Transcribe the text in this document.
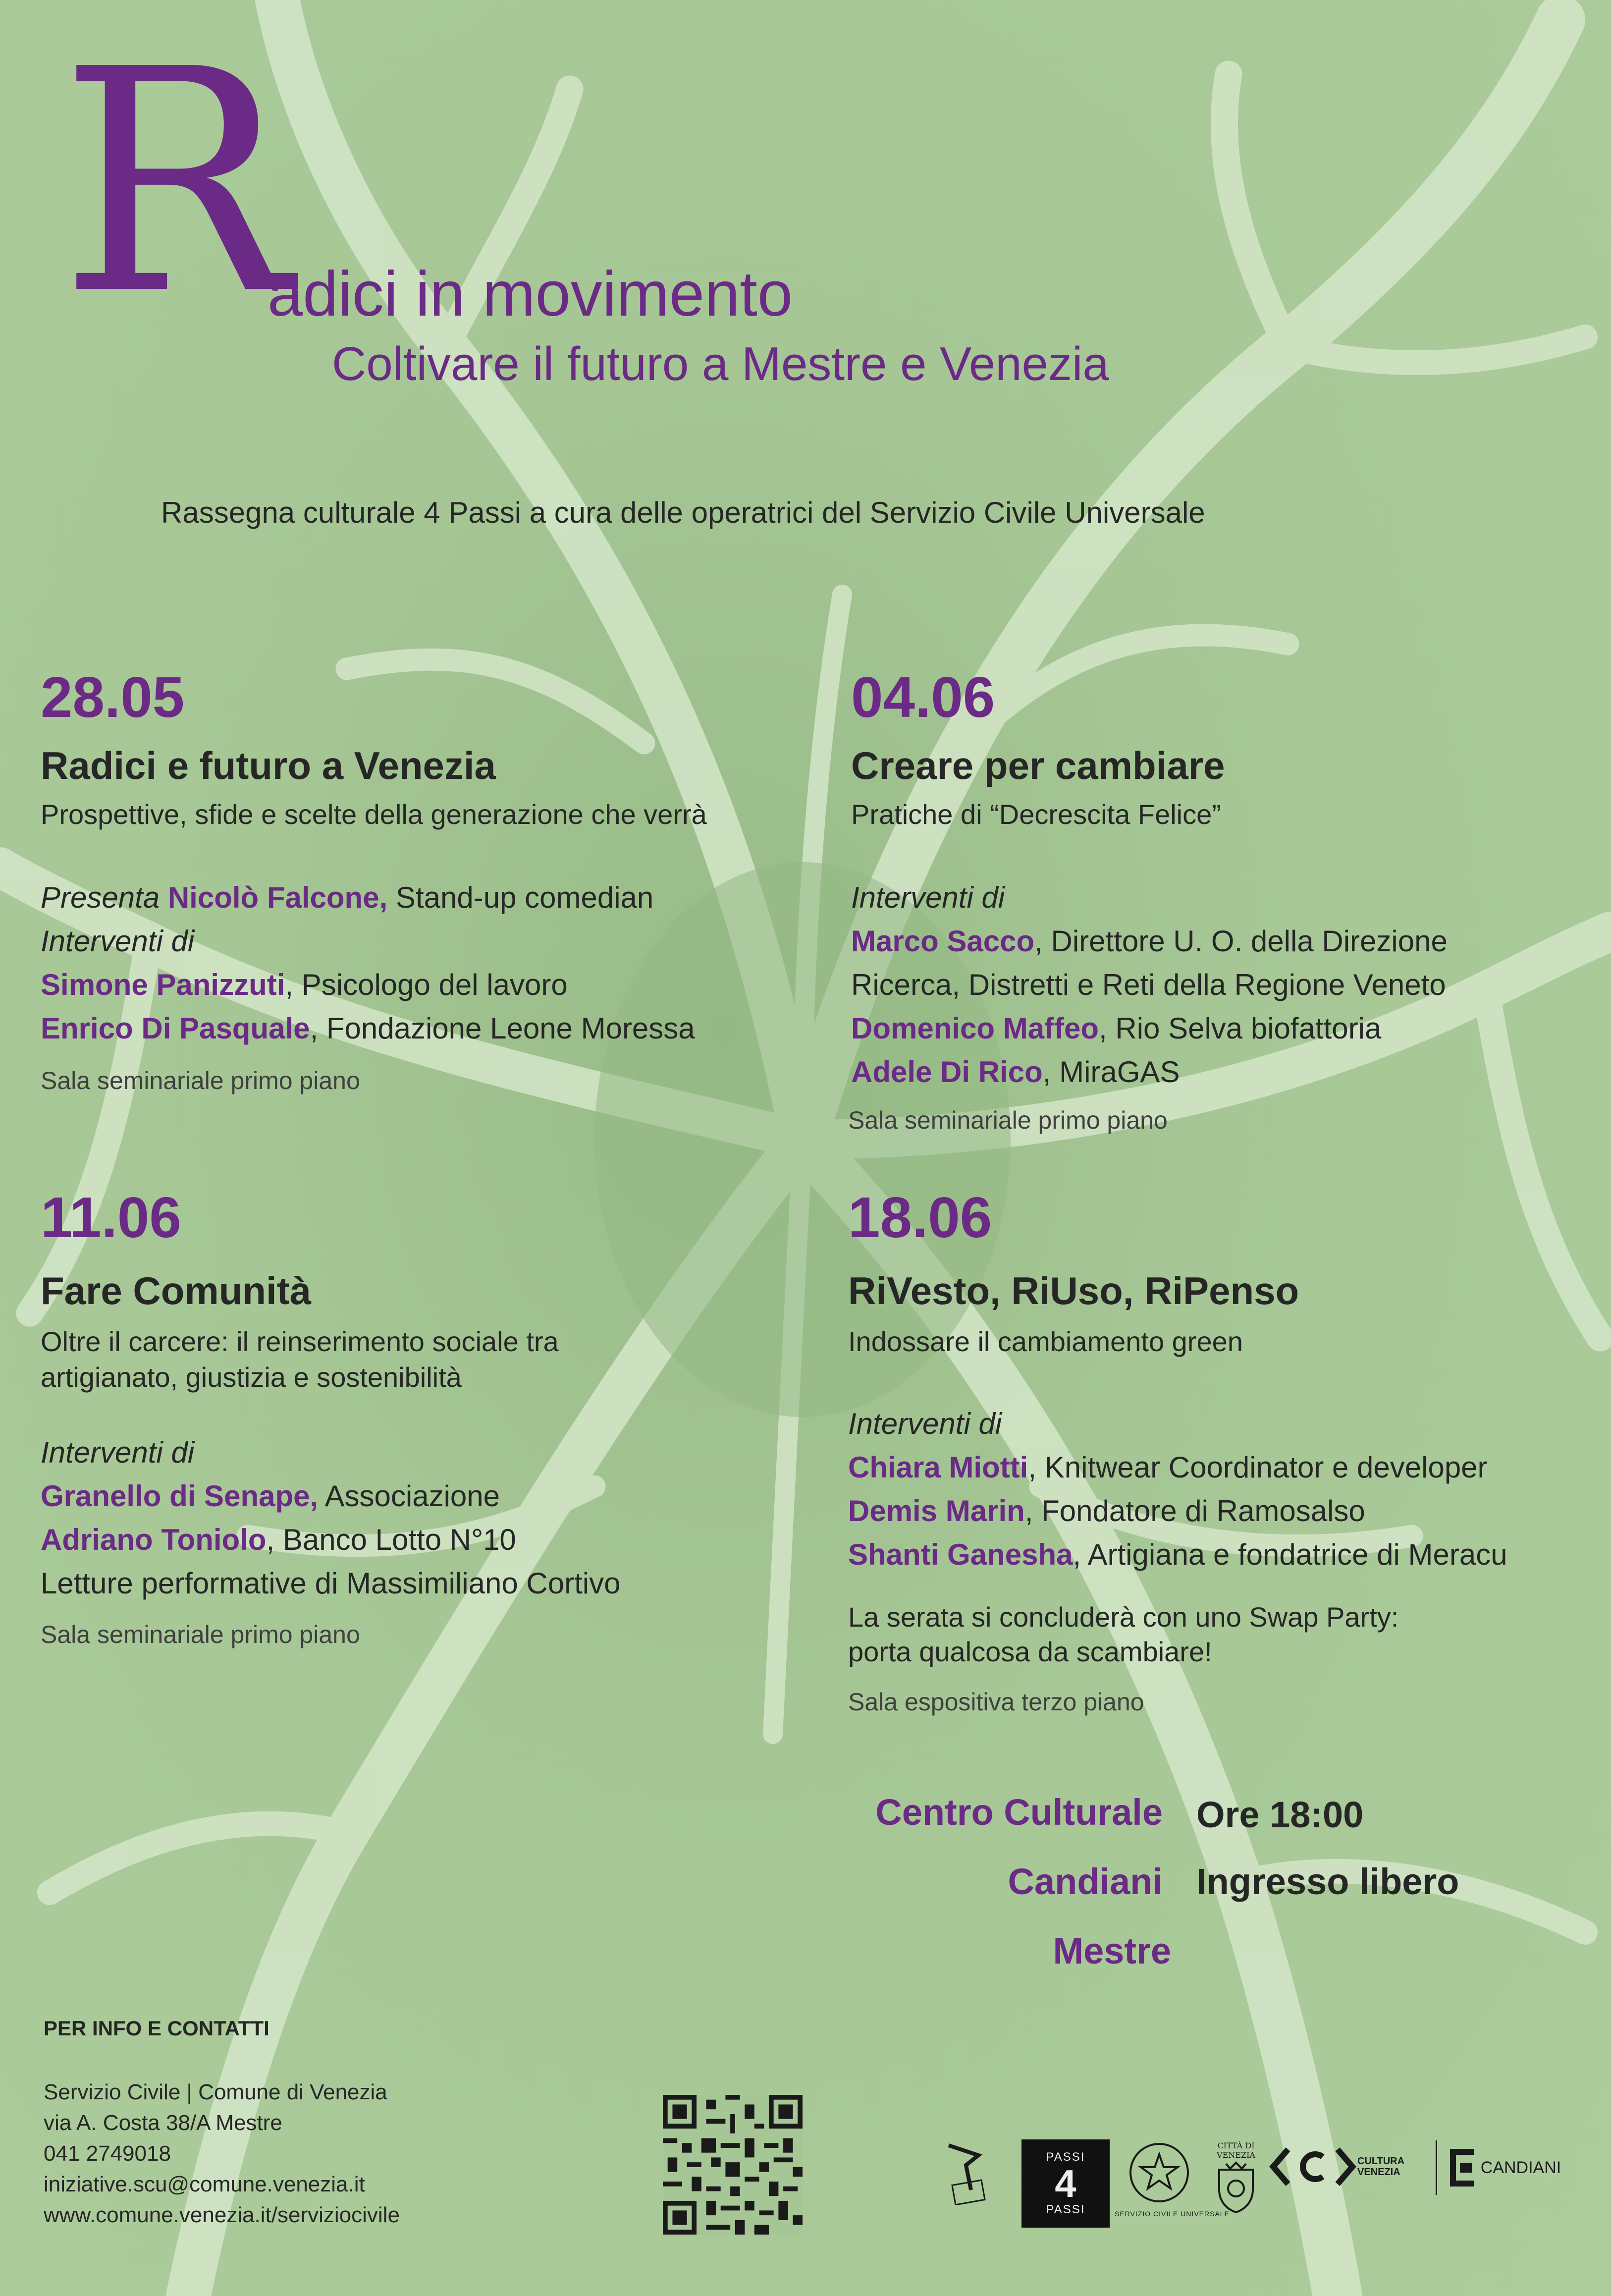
R
adici in movimento
Coltivare il futuro a Mestre e Venezia
Rassegna culturale 4 Passi a cura delle operatrici del Servizio Civile Universale
28.05
Radici e futuro a Venezia
Prospettive, sfide e scelte della generazione che verrà
Presenta Nicolò Falcone, Stand-up comedian
Interventi di
Simone Panizzuti, Psicologo del lavoro
Enrico Di Pasquale, Fondazione Leone Moressa
Sala seminariale primo piano
04.06
Creare per cambiare
Pratiche di “Decrescita Felice”
Interventi di
Marco Sacco, Direttore U. O. della Direzione
Ricerca, Distretti e Reti della Regione Veneto
Domenico Maffeo, Rio Selva biofattoria
Adele Di Rico, MiraGAS
Sala seminariale primo piano
11.06
Fare Comunità
Oltre il carcere: il reinserimento sociale tra
artigianato, giustizia e sostenibilità
Interventi di
Granello di Senape, Associazione
Adriano Toniolo, Banco Lotto N°10
Letture performative di Massimiliano Cortivo
Sala seminariale primo piano
18.06
RiVesto, RiUso, RiPenso
Indossare il cambiamento green
Interventi di
Chiara Miotti, Knitwear Coordinator e developer
Demis Marin, Fondatore di Ramosalso
Shanti Ganesha, Artigiana e fondatrice di Meracu
La serata si concluderà con uno Swap Party:
porta qualcosa da scambiare!
Sala espositiva terzo piano
Centro Culturale
Candiani
Mestre
Ore 18:00
Ingresso libero
PER INFO E CONTATTI
Servizio Civile | Comune di Venezia
via A. Costa 38/A Mestre
041 2749018
iniziative.scu@comune.venezia.it
www.comune.venezia.it/serviziocivile
PASSI
4
PASSI	SERVIZIO CIVILE UNIVERSALE
CITTÀ DI VENEZIA
CULTURA VENEZIA	CANDIANI
